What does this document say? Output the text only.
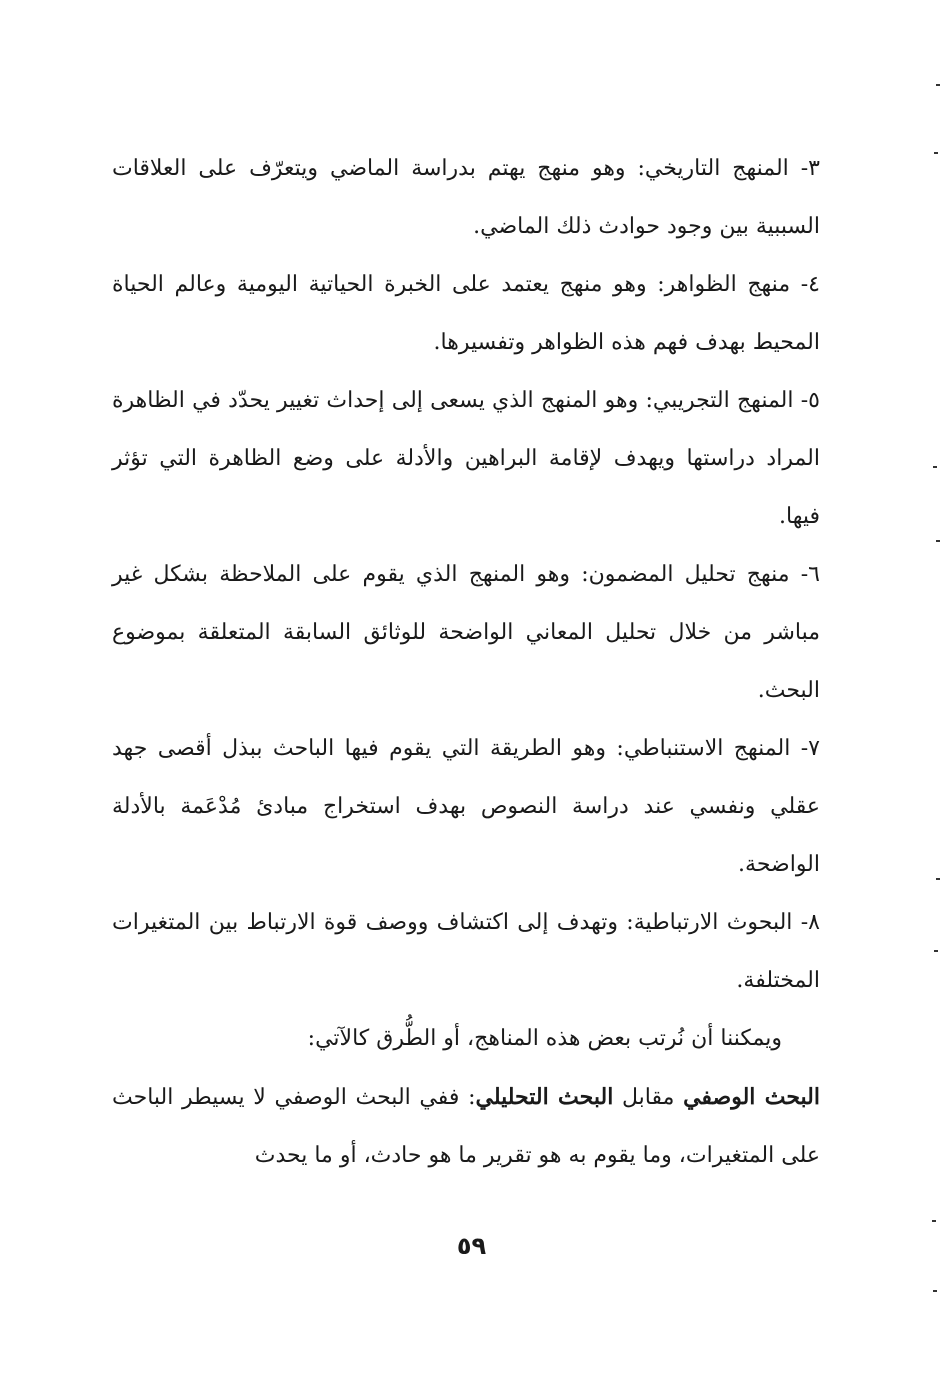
٣- المنهج التاريخي: وهو منهج يهتم بدراسة الماضي ويتعرّف على العلاقات السببية بين وجود حوادث ذلك الماضي.

٤- منهج الظواهر: وهو منهج يعتمد على الخبرة الحياتية اليومية وعالم الحياة المحيط بهدف فهم هذه الظواهر وتفسيرها.

٥- المنهج التجريبي: وهو المنهج الذي يسعى إلى إحداث تغيير يحدّد في الظاهرة المراد دراستها ويهدف لإقامة البراهين والأدلة على وضع الظاهرة التي تؤثر فيها.

٦- منهج تحليل المضمون: وهو المنهج الذي يقوم على الملاحظة بشكل غير مباشر من خلال تحليل المعاني الواضحة للوثائق السابقة المتعلقة بموضوع البحث.

٧- المنهج الاستنباطي: وهو الطريقة التي يقوم فيها الباحث ببذل أقصى جهد عقلي ونفسي عند دراسة النصوص بهدف استخراج مبادئ مُدْعَمة بالأدلة الواضحة.

٨- البحوث الارتباطية: وتهدف إلى اكتشاف ووصف قوة الارتباط بين المتغيرات المختلفة.

ويمكننا أن نُرتب بعض هذه المناهج، أو الطُّرق كالآتي:

البحث الوصفي مقابل البحث التحليلي: ففي البحث الوصفي لا يسيطر الباحث على المتغيرات، وما يقوم به هو تقرير ما هو حادث، أو ما يحدث

٥٩
